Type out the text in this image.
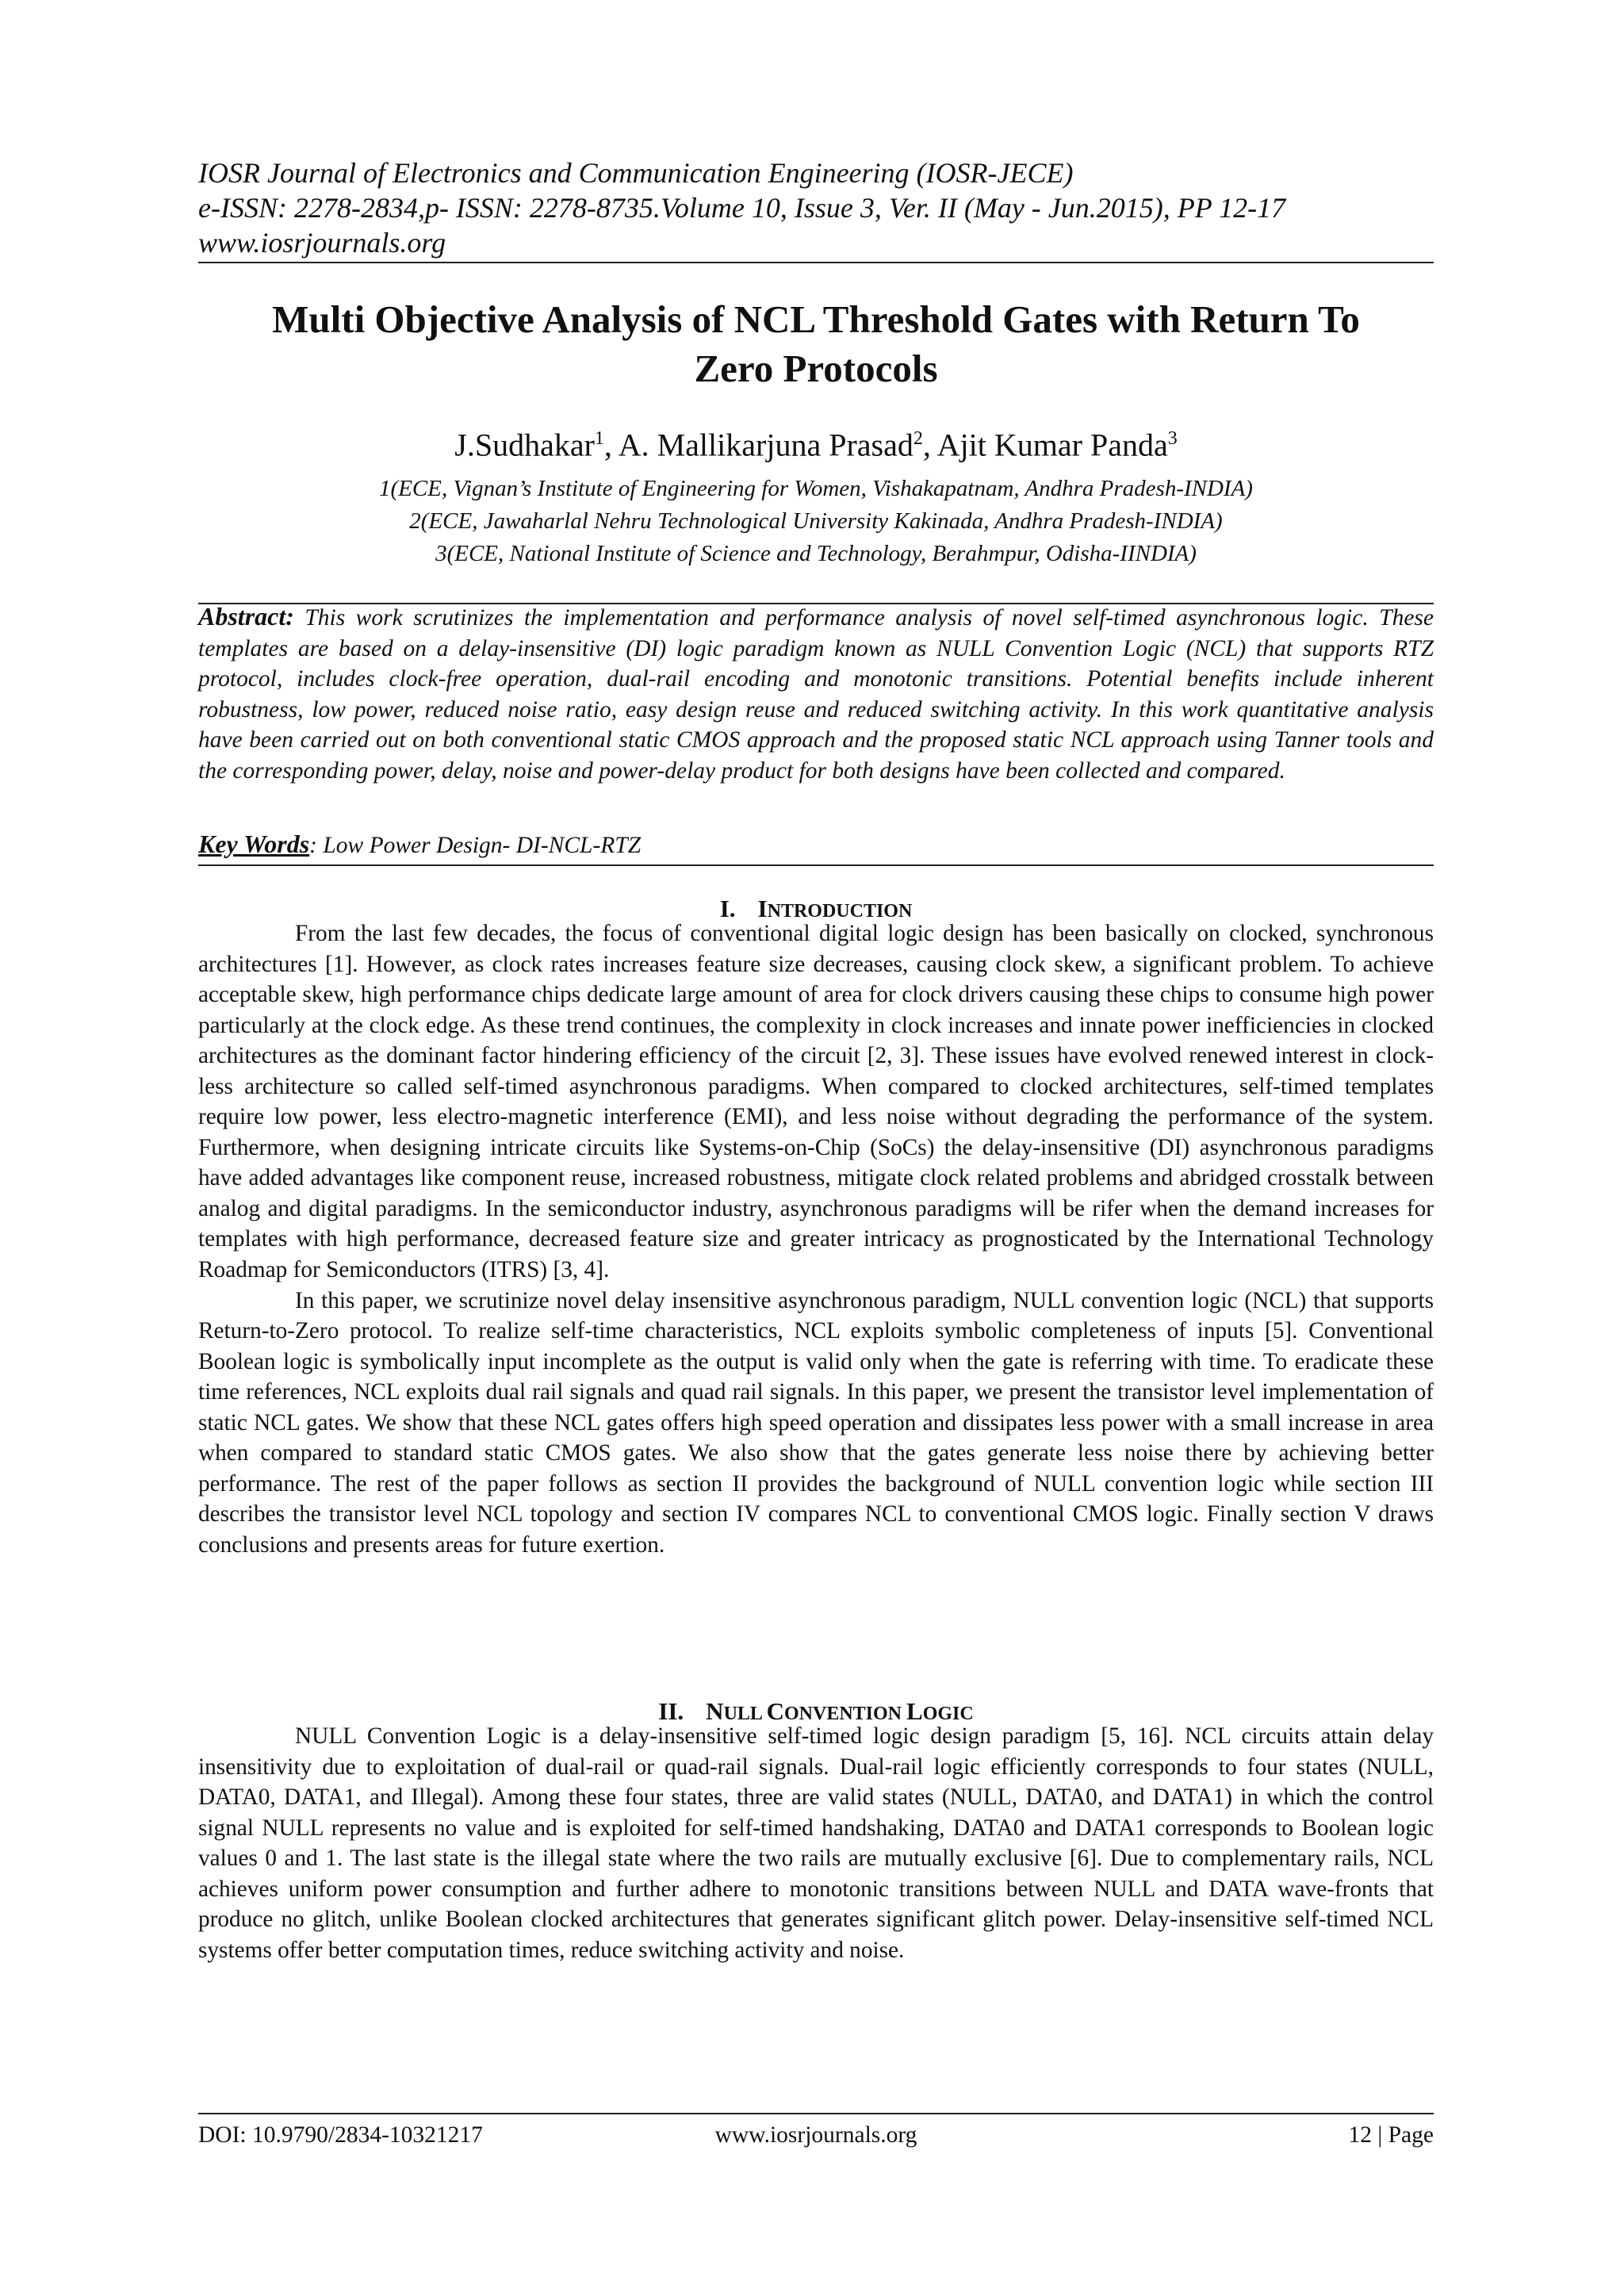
IOSR Journal of Electronics and Communication Engineering (IOSR-JECE)
e-ISSN: 2278-2834,p- ISSN: 2278-8735.Volume 10, Issue 3, Ver. II (May - Jun.2015), PP 12-17
www.iosrjournals.org
Multi Objective Analysis of NCL Threshold Gates with Return To
Zero Protocols
J.Sudhakar$^1$, A. Mallikarjuna Prasad$^2$, Ajit Kumar Panda$^3$
1(ECE, Vignan’s Institute of Engineering for Women, Vishakapatnam, Andhra Pradesh-INDIA)
2(ECE, Jawaharlal Nehru Technological University Kakinada, Andhra Pradesh-INDIA)
3(ECE, National Institute of Science and Technology, Berahmpur, Odisha-IINDIA)
Abstract: This work scrutinizes the implementation and performance analysis of novel self-timed asynchronous logic. These templates are based on a delay-insensitive (DI) logic paradigm known as NULL Convention Logic (NCL) that supports RTZ protocol, includes clock-free operation, dual-rail encoding and monotonic transitions. Potential benefits include inherent robustness, low power, reduced noise ratio, easy design reuse and reduced switching activity. In this work quantitative analysis have been carried out on both conventional static CMOS approach and the proposed static NCL approach using Tanner tools and the corresponding power, delay, noise and power-delay product for both designs have been collected and compared.
Key Words: Low Power Design- DI-NCL-RTZ
I. INTRODUCTION

From the last few decades, the focus of conventional digital logic design has been basically on clocked, synchronous architectures [1]. However, as clock rates increases feature size decreases, causing clock skew, a significant problem. To achieve acceptable skew, high performance chips dedicate large amount of area for clock drivers causing these chips to consume high power particularly at the clock edge. As these trend continues, the complexity in clock increases and innate power inefficiencies in clocked architectures as the dominant factor hindering efficiency of the circuit [2, 3]. These issues have evolved renewed interest in clock-less architecture so called self-timed asynchronous paradigms. When compared to clocked architectures, self-timed templates require low power, less electro-magnetic interference (EMI), and less noise without degrading the performance of the system. Furthermore, when designing intricate circuits like Systems-on-Chip (SoCs) the delay-insensitive (DI) asynchronous paradigms have added advantages like component reuse, increased robustness, mitigate clock related problems and abridged crosstalk between analog and digital paradigms. In the semiconductor industry, asynchronous paradigms will be rifer when the demand increases for templates with high performance, decreased feature size and greater intricacy as prognosticated by the International Technology Roadmap for Semiconductors (ITRS) [3, 4].

In this paper, we scrutinize novel delay insensitive asynchronous paradigm, NULL convention logic (NCL) that supports Return-to-Zero protocol. To realize self-time characteristics, NCL exploits symbolic completeness of inputs [5]. Conventional Boolean logic is symbolically input incomplete as the output is valid only when the gate is referring with time. To eradicate these time references, NCL exploits dual rail signals and quad rail signals. In this paper, we present the transistor level implementation of static NCL gates. We show that these NCL gates offers high speed operation and dissipates less power with a small increase in area when compared to standard static CMOS gates. We also show that the gates generate less noise there by achieving better performance. The rest of the paper follows as section II provides the background of NULL convention logic while section III describes the transistor level NCL topology and section IV compares NCL to conventional CMOS logic. Finally section V draws conclusions and presents areas for future exertion.

II. NULL CONVENTION LOGIC

NULL Convention Logic is a delay-insensitive self-timed logic design paradigm [5, 16]. NCL circuits attain delay insensitivity due to exploitation of dual-rail or quad-rail signals. Dual-rail logic efficiently corresponds to four states (NULL, DATA0, DATA1, and Illegal). Among these four states, three are valid states (NULL, DATA0, and DATA1) in which the control signal NULL represents no value and is exploited for self-timed handshaking, DATA0 and DATA1 corresponds to Boolean logic values 0 and 1. The last state is the illegal state where the two rails are mutually exclusive [6]. Due to complementary rails, NCL achieves uniform power consumption and further adhere to monotonic transitions between NULL and DATA wave-fronts that produce no glitch, unlike Boolean clocked architectures that generates significant glitch power. Delay-insensitive self-timed NCL systems offer better computation times, reduce switching activity and noise.

DOI: 10.9790/2834-10321217	www.iosrjournals.org	12 | Page
